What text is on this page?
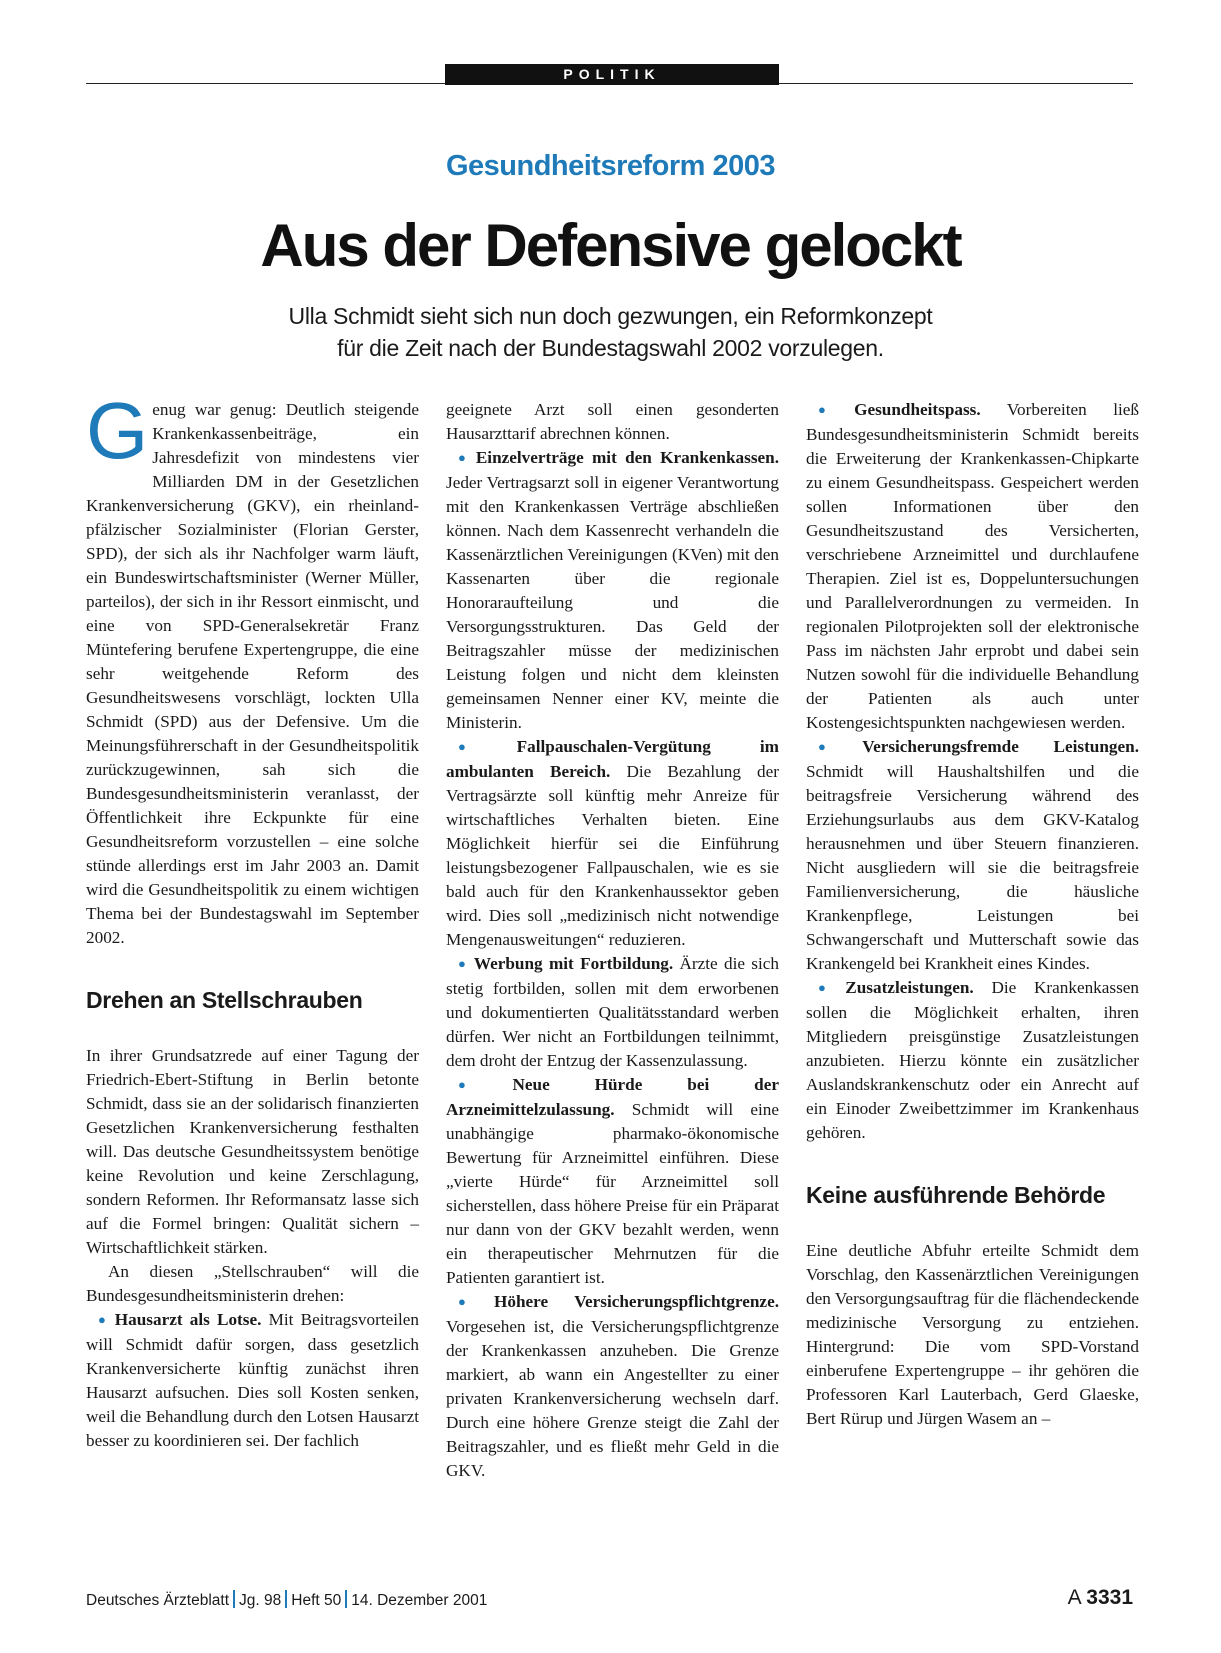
POLITIK
Gesundheitsreform 2003
Aus der Defensive gelockt
Ulla Schmidt sieht sich nun doch gezwungen, ein Reformkonzept
für die Zeit nach der Bundestagswahl 2002 vorzulegen.

Genug war genug: Deutlich steigende Krankenkassenbeiträge, ein Jahresdefizit von mindestens vier Milliarden DM in der Gesetzlichen Krankenversicherung (GKV), ein rheinland-pfälzischer Sozialminister (Florian Gerster, SPD), der sich als ihr Nachfolger warm läuft, ein Bundeswirtschaftsminister (Werner Müller, parteilos), der sich in ihr Ressort einmischt, und eine von SPD-Generalsekretär Franz Müntefering berufene Expertengruppe, die eine sehr weitgehende Reform des Gesundheitswesens vorschlägt, lockten Ulla Schmidt (SPD) aus der Defensive. Um die Meinungsführerschaft in der Gesundheitspolitik zurückzugewinnen, sah sich die Bundesgesundheitsministerin veranlasst, der Öffentlichkeit ihre Eckpunkte für eine Gesundheitsreform vorzustellen – eine solche stünde allerdings erst im Jahr 2003 an. Damit wird die Gesundheitspolitik zu einem wichtigen Thema bei der Bundestagswahl im September 2002.

Drehen an Stellschrauben

In ihrer Grundsatzrede auf einer Tagung der Friedrich-Ebert-Stiftung in Berlin betonte Schmidt, dass sie an der solidarisch finanzierten Gesetzlichen Krankenversicherung festhalten will. Das deutsche Gesundheitssystem benötige keine Revolution und keine Zerschlagung, sondern Reformen. Ihr Reformansatz lasse sich auf die Formel bringen: Qualität sichern – Wirtschaftlichkeit stärken.

An diesen „Stellschrauben“ will die Bundesgesundheitsministerin drehen:

● Hausarzt als Lotse. Mit Beitragsvorteilen will Schmidt dafür sorgen, dass gesetzlich Krankenversicherte künftig zunächst ihren Hausarzt aufsuchen. Dies soll Kosten senken, weil die Behandlung durch den Lotsen Hausarzt besser zu koordinieren sei. Der fachlich

geeignete Arzt soll einen gesonderten Hausarzttarif abrechnen können.

● Einzelverträge mit den Krankenkassen. Jeder Vertragsarzt soll in eigener Verantwortung mit den Krankenkassen Verträge abschließen können. Nach dem Kassenrecht verhandeln die Kassenärztlichen Vereinigungen (KVen) mit den Kassenarten über die regionale Honoraraufteilung und die Versorgungsstrukturen. Das Geld der Beitragszahler müsse der medizinischen Leistung folgen und nicht dem kleinsten gemeinsamen Nenner einer KV, meinte die Ministerin.

● Fallpauschalen-Vergütung im ambulanten Bereich. Die Bezahlung der Vertragsärzte soll künftig mehr Anreize für wirtschaftliches Verhalten bieten. Eine Möglichkeit hierfür sei die Einführung leistungsbezogener Fallpauschalen, wie es sie bald auch für den Krankenhaussektor geben wird. Dies soll „medizinisch nicht notwendige Mengenausweitungen“ reduzieren.

● Werbung mit Fortbildung. Ärzte die sich stetig fortbilden, sollen mit dem erworbenen und dokumentierten Qualitätsstandard werben dürfen. Wer nicht an Fortbildungen teilnimmt, dem droht der Entzug der Kassenzulassung.

● Neue Hürde bei der Arzneimittelzulassung. Schmidt will eine unabhängige pharmako-ökonomische Bewertung für Arzneimittel einführen. Diese „vierte Hürde“ für Arzneimittel soll sicherstellen, dass höhere Preise für ein Präparat nur dann von der GKV bezahlt werden, wenn ein therapeutischer Mehrnutzen für die Patienten garantiert ist.

● Höhere Versicherungspflichtgrenze. Vorgesehen ist, die Versicherungspflichtgrenze der Krankenkassen anzuheben. Die Grenze markiert, ab wann ein Angestellter zu einer privaten Krankenversicherung wechseln darf. Durch eine höhere Grenze steigt die Zahl der Beitragszahler, und es fließt mehr Geld in die GKV.

● Gesundheitspass. Vorbereiten ließ Bundesgesundheitsministerin Schmidt bereits die Erweiterung der Krankenkassen-Chipkarte zu einem Gesundheitspass. Gespeichert werden sollen Informationen über den Gesundheitszustand des Versicherten, verschriebene Arzneimittel und durchlaufene Therapien. Ziel ist es, Doppeluntersuchungen und Parallelverordnungen zu vermeiden. In regionalen Pilotprojekten soll der elektronische Pass im nächsten Jahr erprobt und dabei sein Nutzen sowohl für die individuelle Behandlung der Patienten als auch unter Kostengesichtspunkten nachgewiesen werden.

● Versicherungsfremde Leistungen. Schmidt will Haushaltshilfen und die beitragsfreie Versicherung während des Erziehungsurlaubs aus dem GKV-Katalog herausnehmen und über Steuern finanzieren. Nicht ausgliedern will sie die beitragsfreie Familienversicherung, die häusliche Krankenpflege, Leistungen bei Schwangerschaft und Mutterschaft sowie das Krankengeld bei Krankheit eines Kindes.

● Zusatzleistungen. Die Krankenkassen sollen die Möglichkeit erhalten, ihren Mitgliedern preisgünstige Zusatzleistungen anzubieten. Hierzu könnte ein zusätzlicher Auslandskrankenschutz oder ein Anrecht auf ein Einoder Zweibettzimmer im Krankenhaus gehören.

Keine ausführende Behörde

Eine deutliche Abfuhr erteilte Schmidt dem Vorschlag, den Kassenärztlichen Vereinigungen den Versorgungsauftrag für die flächendeckende medizinische Versorgung zu entziehen. Hintergrund: Die vom SPD-Vorstand einberufene Expertengruppe – ihr gehören die Professoren Karl Lauterbach, Gerd Glaeske, Bert Rürup und Jürgen Wasem an –

Deutsches Ärzteblatt Jg. 98 Heft 50 14. Dezember 2001	A 3331
